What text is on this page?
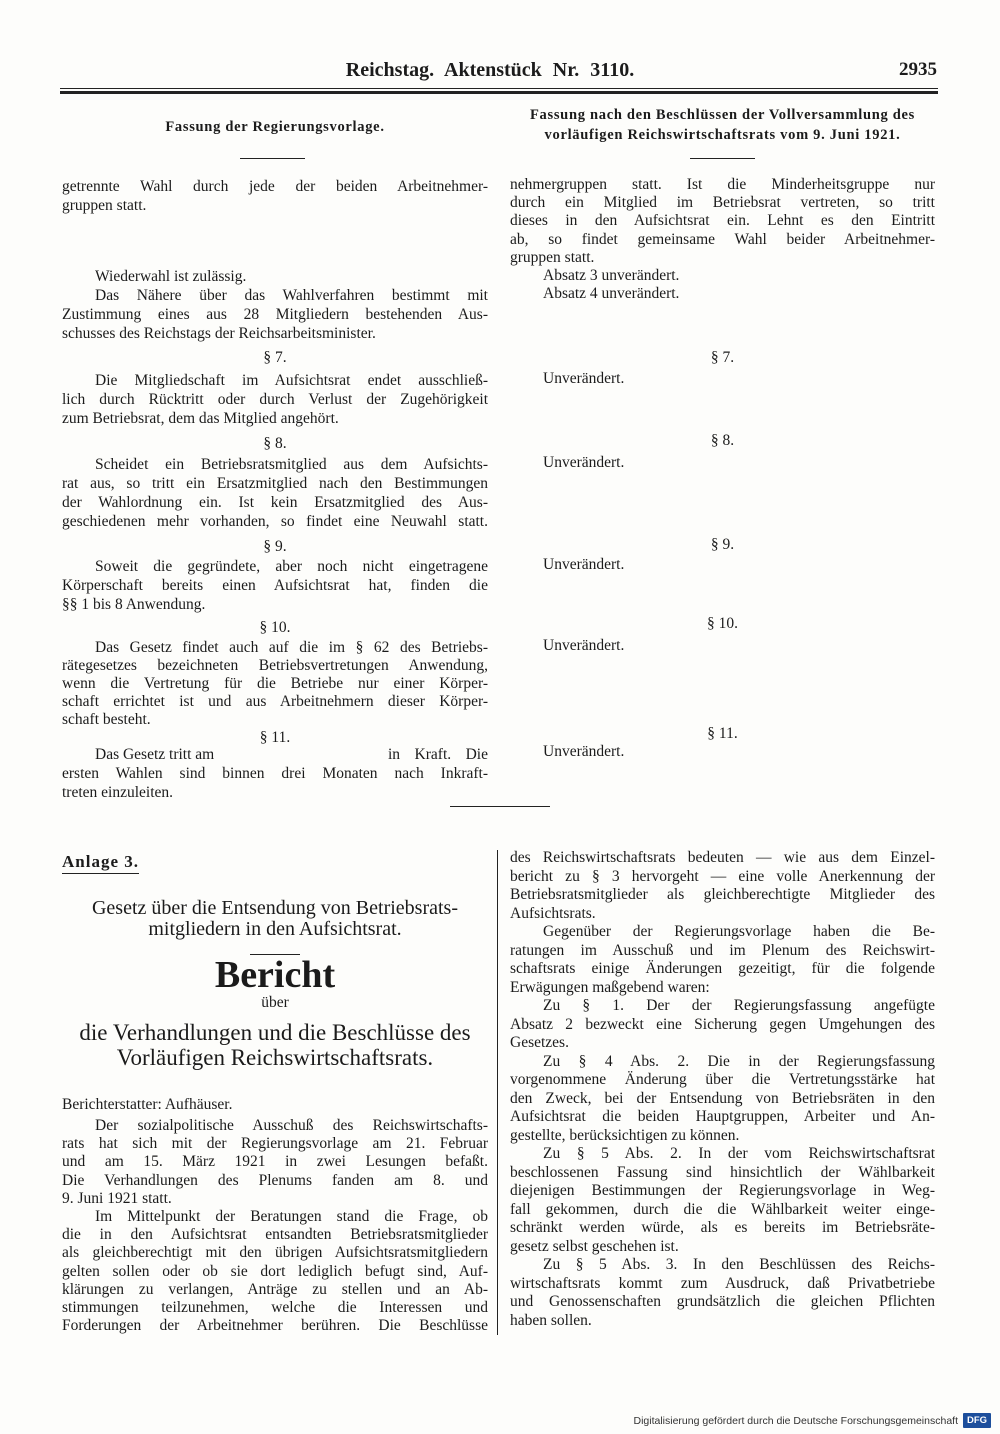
Reichstag. Aktenstück Nr. 3110.	2935
Fassung der Regierungsvorlage.
Fassung nach den Beschlüssen der Vollversammlung des
vorläufigen Reichswirtschaftsrats vom 9. Juni 1921.
getrennte Wahl durch jede der beiden Arbeitnehmer-
gruppen statt.
Wiederwahl ist zulässig.
Das Nähere über das Wahlverfahren bestimmt mit
Zustimmung eines aus 28 Mitgliedern bestehenden Aus-
schusses des Reichstags der Reichsarbeitsminister.
§ 7.
Die Mitgliedschaft im Aufsichtsrat endet ausschließ-
lich durch Rücktritt oder durch Verlust der Zugehörigkeit
zum Betriebsrat, dem das Mitglied angehört.
§ 8.
Scheidet ein Betriebsratsmitglied aus dem Aufsichts-
rat aus, so tritt ein Ersatzmitglied nach den Bestimmungen
der Wahlordnung ein. Ist kein Ersatzmitglied des Aus-
geschiedenen mehr vorhanden, so findet eine Neuwahl statt.
§ 9.
Soweit die gegründete, aber noch nicht eingetragene
Körperschaft bereits einen Aufsichtsrat hat, finden die
§§ 1 bis 8 Anwendung.
§ 10.
Das Gesetz findet auch auf die im § 62 des Betriebs-
rätegesetzes bezeichneten Betriebsvertretungen Anwendung,
wenn die Vertretung für die Betriebe nur einer Körper-
schaft errichtet ist und aus Arbeitnehmern dieser Körper-
schaft besteht.
§ 11.
Das Gesetz tritt am	in Kraft. Die
ersten Wahlen sind binnen drei Monaten nach Inkraft-
treten einzuleiten.
nehmergruppen statt. Ist die Minderheitsgruppe nur
durch ein Mitglied im Betriebsrat vertreten, so tritt
dieses in den Aufsichtsrat ein. Lehnt es den Eintritt
ab, so findet gemeinsame Wahl beider Arbeitnehmer-
gruppen statt.
Absatz 3 unverändert.
Absatz 4 unverändert.
§ 7.
Unverändert.
§ 8.
Unverändert.
§ 9.
Unverändert.
§ 10.
Unverändert.
§ 11.
Unverändert.
Anlage 3.
Gesetz über die Entsendung von Betriebsrats-
mitgliedern in den Aufsichtsrat.
Bericht
über
die Verhandlungen und die Beschlüsse des
Vorläufigen Reichswirtschaftsrats.
Berichterstatter: Aufhäuser.
Der sozialpolitische Ausschuß des Reichswirtschafts-
rats hat sich mit der Regierungsvorlage am 21. Februar
und am 15. März 1921 in zwei Lesungen befaßt.
Die Verhandlungen des Plenums fanden am 8. und
9. Juni 1921 statt.
Im Mittelpunkt der Beratungen stand die Frage, ob
die in den Aufsichtsrat entsandten Betriebsratsmitglieder
als gleichberechtigt mit den übrigen Aufsichtsratsmitgliedern
gelten sollen oder ob sie dort lediglich befugt sind, Auf-
klärungen zu verlangen, Anträge zu stellen und an Ab-
stimmungen teilzunehmen, welche die Interessen und
Forderungen der Arbeitnehmer berühren. Die Beschlüsse
des Reichswirtschaftsrats bedeuten — wie aus dem Einzel-
bericht zu § 3 hervorgeht — eine volle Anerkennung der
Betriebsratsmitglieder als gleichberechtigte Mitglieder des
Aufsichtsrats.
Gegenüber der Regierungsvorlage haben die Be-
ratungen im Ausschuß und im Plenum des Reichswirt-
schaftsrats einige Änderungen gezeitigt, für die folgende
Erwägungen maßgebend waren:
Zu § 1. Der der Regierungsfassung angefügte
Absatz 2 bezweckt eine Sicherung gegen Umgehungen des
Gesetzes.
Zu § 4 Abs. 2. Die in der Regierungsfassung
vorgenommene Änderung über die Vertretungsstärke hat
den Zweck, bei der Entsendung von Betriebsräten in den
Aufsichtsrat die beiden Hauptgruppen, Arbeiter und An-
gestellte, berücksichtigen zu können.
Zu § 5 Abs. 2. In der vom Reichswirtschaftsrat
beschlossenen Fassung sind hinsichtlich der Wählbarkeit
diejenigen Bestimmungen der Regierungsvorlage in Weg-
fall gekommen, durch die die Wählbarkeit weiter einge-
schränkt werden würde, als es bereits im Betriebsräte-
gesetz selbst geschehen ist.
Zu § 5 Abs. 3. In den Beschlüssen des Reichs-
wirtschaftsrats kommt zum Ausdruck, daß Privatbetriebe
und Genossenschaften grundsätzlich die gleichen Pflichten
haben sollen.
Digitalisierung gefördert durch die Deutsche Forschungsgemeinschaft DFG
